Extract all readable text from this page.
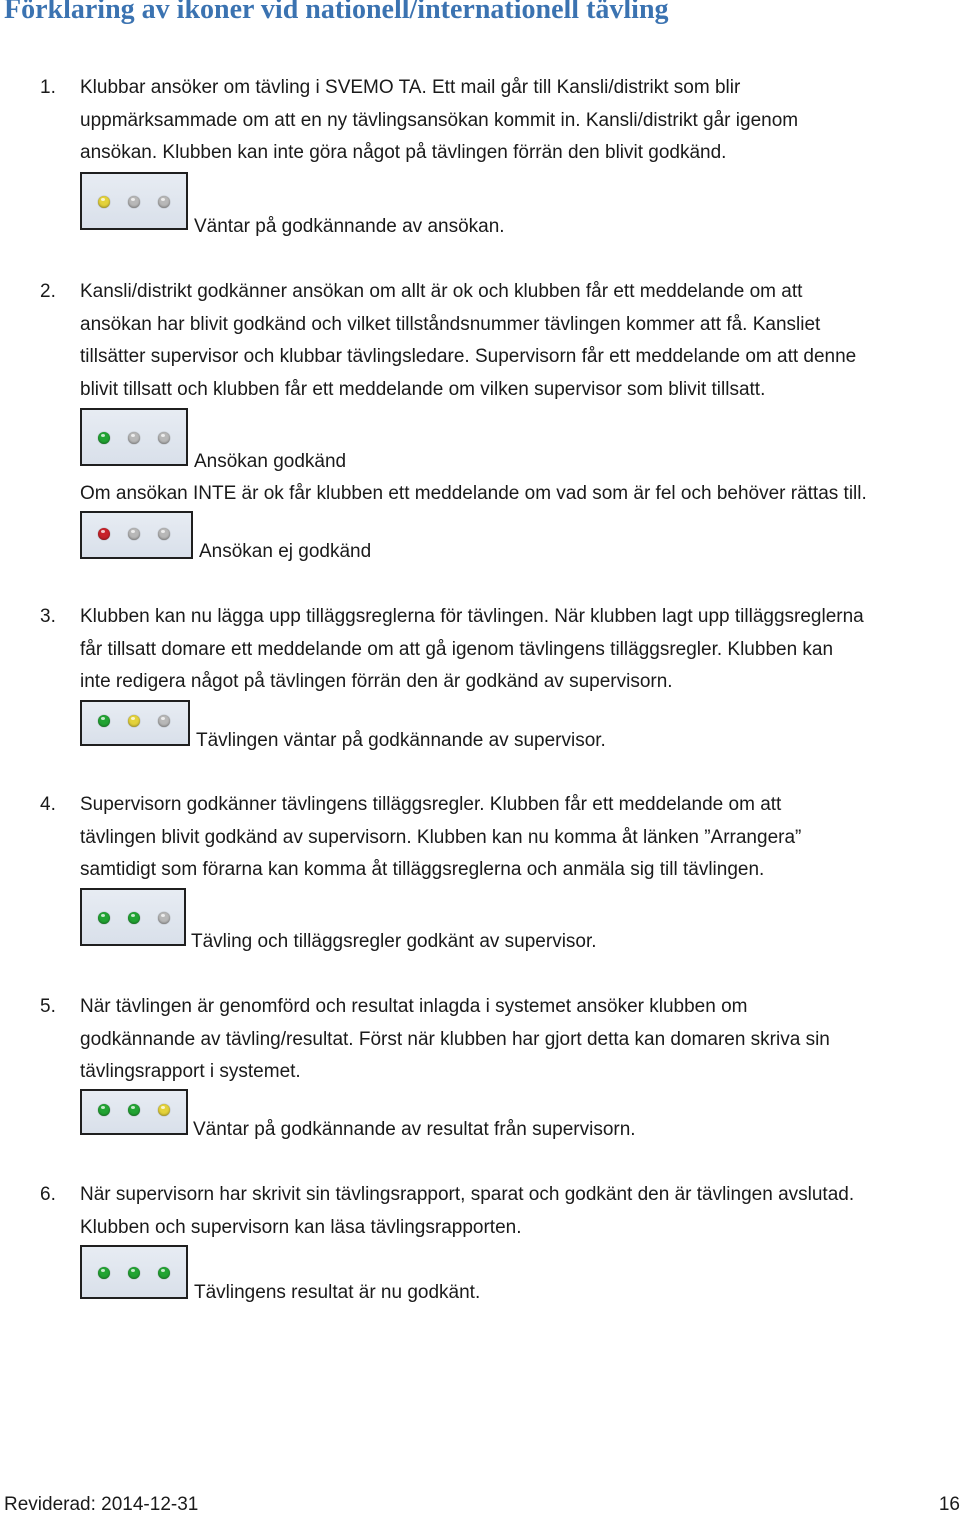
Förklaring av ikoner vid nationell/internationell tävling
1. Klubbar ansöker om tävling i SVEMO TA. Ett mail går till Kansli/distrikt som blir
uppmärksammade om att en ny tävlingsansökan kommit in. Kansli/distrikt går igenom
ansökan. Klubben kan inte göra något på tävlingen förrän den blivit godkänd.
Väntar på godkännande av ansökan.
2. Kansli/distrikt godkänner ansökan om allt är ok och klubben får ett meddelande om att
ansökan har blivit godkänd och vilket tillståndsnummer tävlingen kommer att få. Kansliet
tillsätter supervisor och klubbar tävlingsledare. Supervisorn får ett meddelande om att denne
blivit tillsatt och klubben får ett meddelande om vilken supervisor som blivit tillsatt.
Ansökan godkänd
Om ansökan INTE är ok får klubben ett meddelande om vad som är fel och behöver rättas till.
Ansökan ej godkänd
3. Klubben kan nu lägga upp tilläggsreglerna för tävlingen. När klubben lagt upp tilläggsreglerna
får tillsatt domare ett meddelande om att gå igenom tävlingens tilläggsregler. Klubben kan
inte redigera något på tävlingen förrän den är godkänd av supervisorn.
Tävlingen väntar på godkännande av supervisor.
4. Supervisorn godkänner tävlingens tilläggsregler. Klubben får ett meddelande om att
tävlingen blivit godkänd av supervisorn. Klubben kan nu komma åt länken ”Arrangera”
samtidigt som förarna kan komma åt tilläggsreglerna och anmäla sig till tävlingen.
Tävling och tilläggsregler godkänt av supervisor.
5. När tävlingen är genomförd och resultat inlagda i systemet ansöker klubben om
godkännande av tävling/resultat. Först när klubben har gjort detta kan domaren skriva sin
tävlingsrapport i systemet.
Väntar på godkännande av resultat från supervisorn.
6. När supervisorn har skrivit sin tävlingsrapport, sparat och godkänt den är tävlingen avslutad.
Klubben och supervisorn kan läsa tävlingsrapporten.
Tävlingens resultat är nu godkänt.
Reviderad: 2014-12-31	16
